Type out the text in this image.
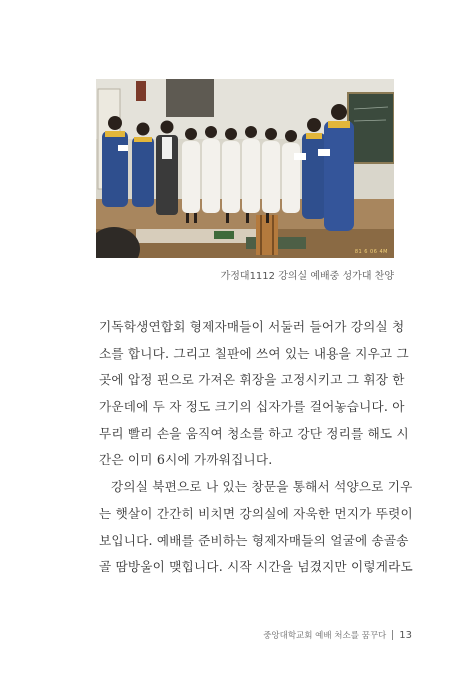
81 6 06 4M
가정대1112 강의실 예배중 성가대 찬양
기독학생연합회 형제자매들이 서둘러 들어가 강의실 청
소를 합니다. 그리고 칠판에 쓰여 있는 내용을 지우고 그
곳에 압정 핀으로 가져온 휘장을 고정시키고 그 휘장 한
가운데에 두 자 정도 크기의 십자가를 걸어놓습니다. 아
무리 빨리 손을 움직여 청소를 하고 강단 정리를 해도 시
간은 이미 6시에 가까워집니다.
강의실 북편으로 나 있는 창문을 통해서 석양으로 기우
는 햇살이 간간히 비치면 강의실에 자욱한 먼지가 뚜렷이
보입니다. 예배를 준비하는 형제자매들의 얼굴에 송골송
골 땀방울이 맺힙니다. 시작 시간을 넘겼지만 이렇게라도
중앙대학교회 예배 처소를 꿈꾸다 13
